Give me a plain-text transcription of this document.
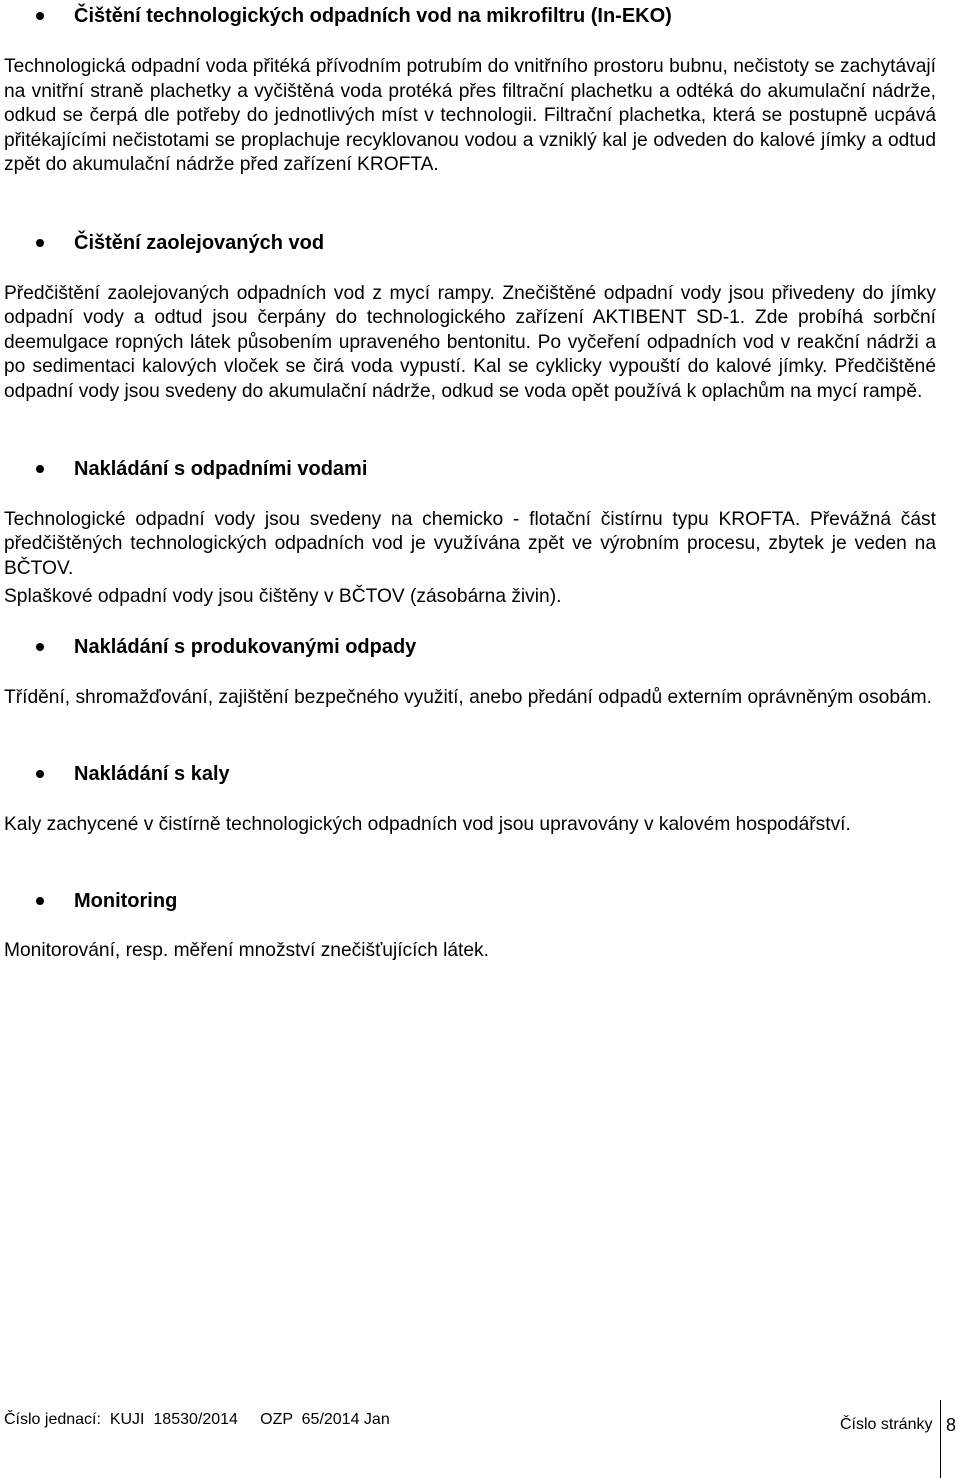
Čištění technologických odpadních vod na mikrofiltru (In-EKO)
Technologická odpadní voda přitéká přívodním potrubím do vnitřního prostoru bubnu, nečistoty se zachytávají na vnitřní straně plachetky a vyčištěná voda protéká přes filtrační plachetku a odtéká do akumulační nádrže, odkud se čerpá dle potřeby do jednotlivých míst v technologii. Filtrační plachetka, která se postupně ucpává přitékajícími nečistotami se proplachuje recyklovanou vodou a vzniklý kal je odveden do kalové jímky a odtud zpět do akumulační nádrže před zařízení KROFTA.
Čištění zaolejovaných vod
Předčištění zaolejovaných odpadních vod z mycí rampy. Znečištěné odpadní vody jsou přivedeny do jímky odpadní vody a odtud jsou čerpány do technologického zařízení AKTIBENT SD-1. Zde probíhá sorbční deemulgace ropných látek působením upraveného bentonitu. Po vyčeření odpadních vod v reakční nádrži a po sedimentaci kalových vloček se čirá voda vypustí. Kal se cyklicky vypouští do kalové jímky. Předčištěné odpadní vody jsou svedeny do akumulační nádrže, odkud se voda opět používá k oplachům na mycí rampě.
Nakládání s odpadními vodami
Technologické odpadní vody jsou svedeny na chemicko - flotační čistírnu typu KROFTA. Převážná část předčištěných technologických odpadních vod je využívána zpět ve výrobním procesu, zbytek je veden na BČTOV.
Splaškové odpadní vody jsou čištěny v BČTOV (zásobárna živin).
Nakládání s produkovanými odpady
Třídění, shromažďování, zajištění bezpečného využití, anebo předání odpadů externím oprávněným osobám.
Nakládání s kaly
Kaly zachycené v čistírně technologických odpadních vod jsou upravovány v kalovém hospodářství.
Monitoring
Monitorování, resp. měření množství znečišťujících látek.
Číslo jednací:  KUJI  18530/2014     OZP  65/2014 Jan	Číslo stránky 8
